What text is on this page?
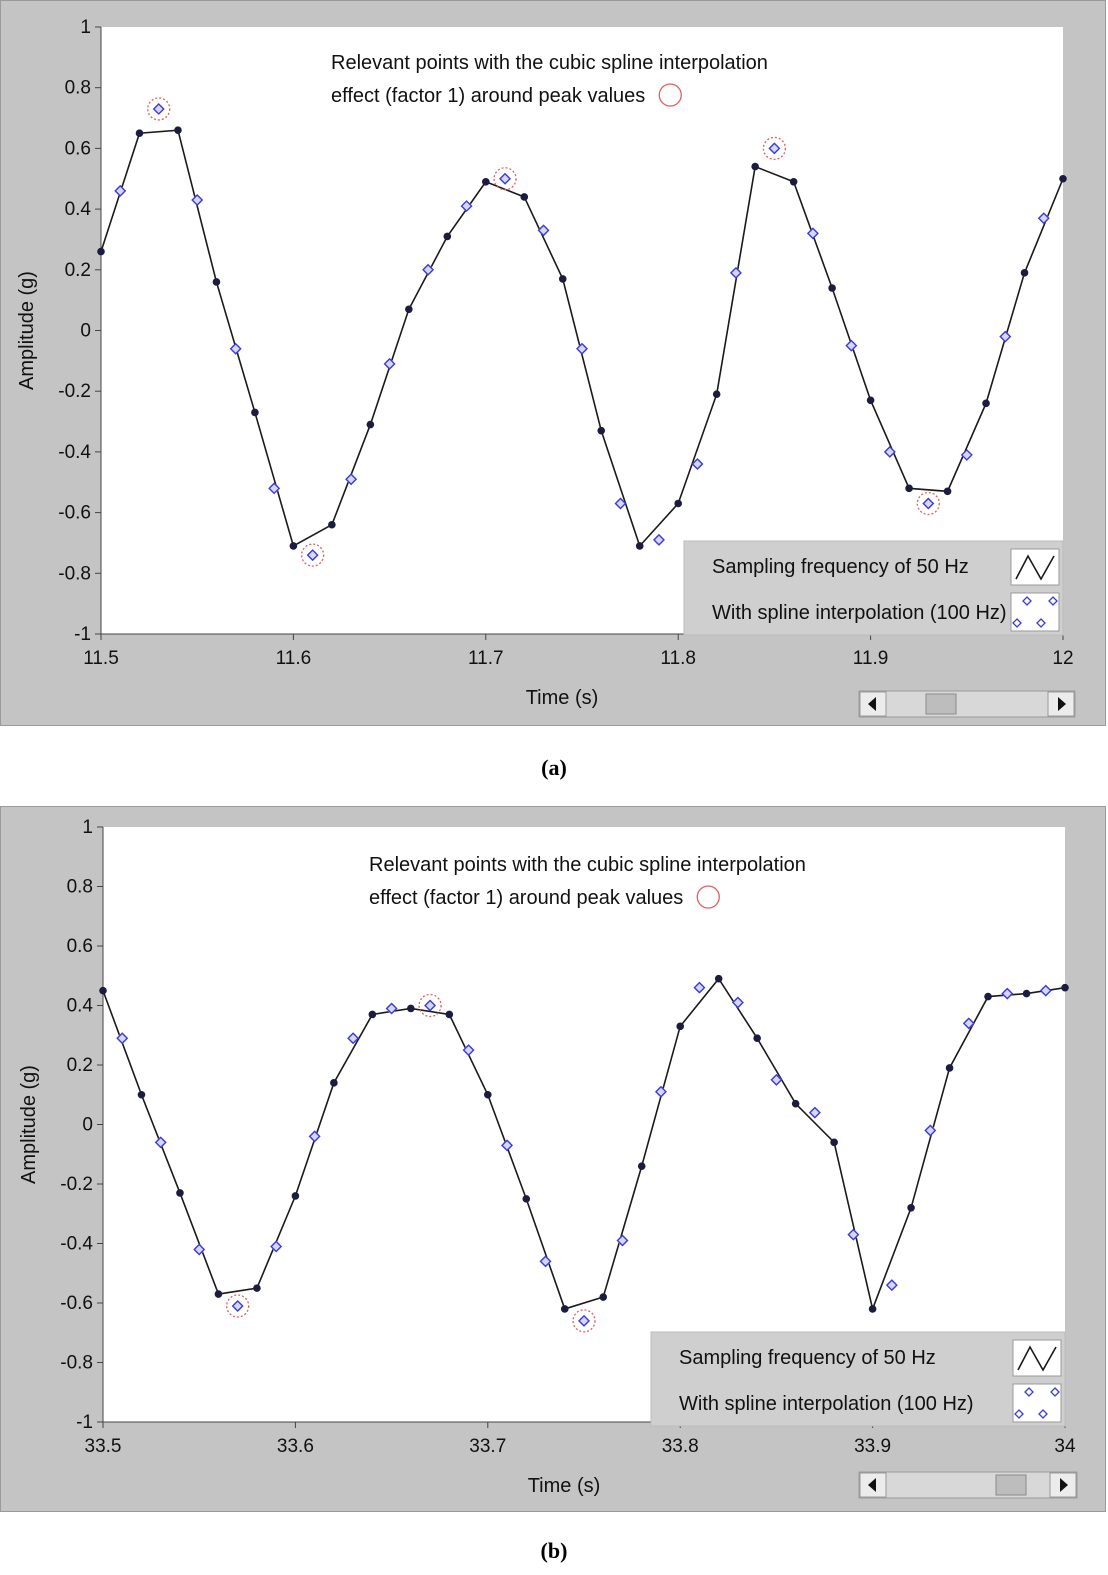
1
0.8
0.6
0.4
0.2
0
-0.2
-0.4
-0.6
-0.8
-1
11.5	11.6	11.7	11.8	11.9	12
Time (s)
Amplitude (g)
Relevant points with the cubic spline interpolation
effect (factor 1) around peak values
Sampling frequency of 50 Hz
With spline interpolation (100 Hz)
(a)
1
0.8
0.6
0.4
0.2
0
-0.2
-0.4
-0.6
-0.8
-1
33.5	33.6	33.7	33.8	33.9	34
Time (s)
Amplitude (g)
Relevant points with the cubic spline interpolation
effect (factor 1) around peak values
Sampling frequency of 50 Hz
With spline interpolation (100 Hz)
(b)
